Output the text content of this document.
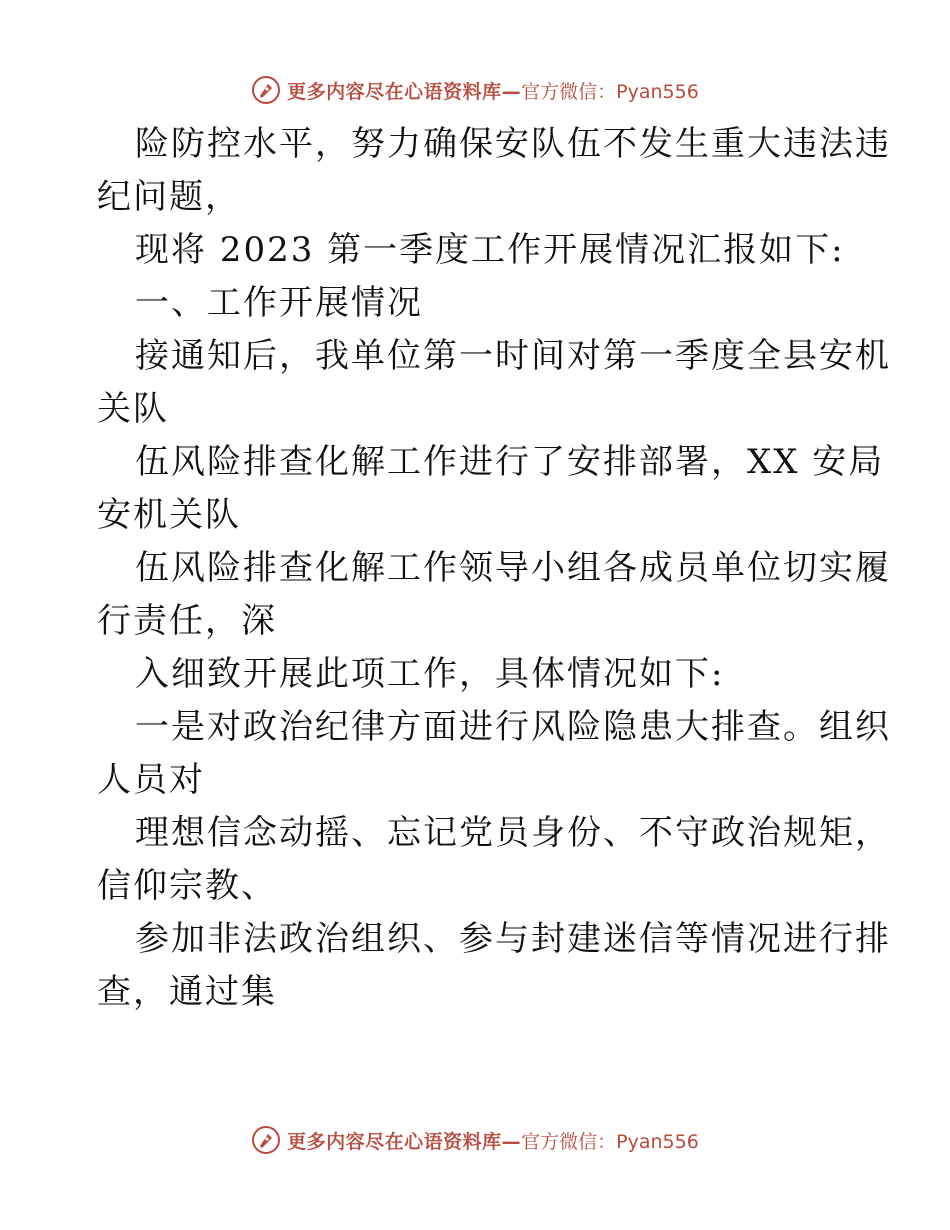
更多内容尽在心语资料库— 官方微信：Pyan556
险防控水平，努力确保安队伍不发生重大违法违
纪问题，
现将 2023 第一季度工作开展情况汇报如下:
一、工作开展情况
接通知后，我单位第一时间对第一季度全县安机
关队
伍风险排查化解工作进行了安排部署，XX 安局
安机关队
伍风险排查化解工作领导小组各成员单位切实履
行责任，深
入细致开展此项工作，具体情况如下:
一是对政治纪律方面进行风险隐患大排查。组织
人员对
理想信念动摇、忘记党员身份、不守政治规矩，
信仰宗教、
参加非法政治组织、参与封建迷信等情况进行排
查，通过集
更多内容尽在心语资料库— 官方微信：Pyan556
